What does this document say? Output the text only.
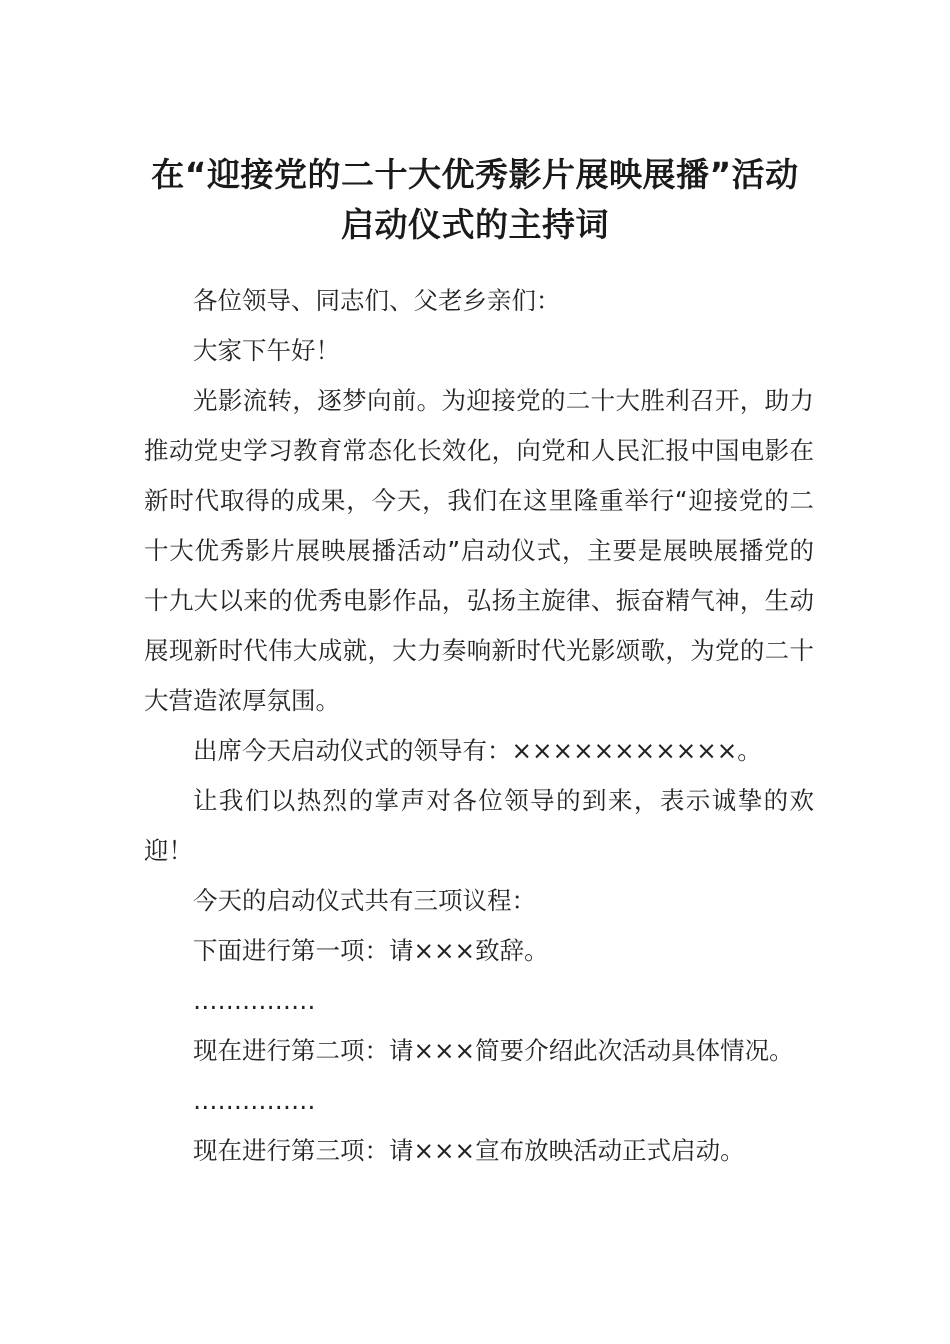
在“迎接党的二十大优秀影片展映展播”活动启动仪式的主持词

各位领导、同志们、父老乡亲们：

大家下午好！

光影流转，逐梦向前。为迎接党的二十大胜利召开，助力推动党史学习教育常态化长效化，向党和人民汇报中国电影在新时代取得的成果，今天，我们在这里隆重举行“迎接党的二十大优秀影片展映展播活动”启动仪式，主要是展映展播党的十九大以来的优秀电影作品，弘扬主旋律、振奋精气神，生动展现新时代伟大成就，大力奏响新时代光影颂歌，为党的二十大营造浓厚氛围。

出席今天启动仪式的领导有：×××××××××××。

让我们以热烈的掌声对各位领导的到来，表示诚挚的欢迎！

今天的启动仪式共有三项议程：

下面进行第一项：请×××致辞。

……………

现在进行第二项：请×××简要介绍此次活动具体情况。

……………

现在进行第三项：请×××宣布放映活动正式启动。
